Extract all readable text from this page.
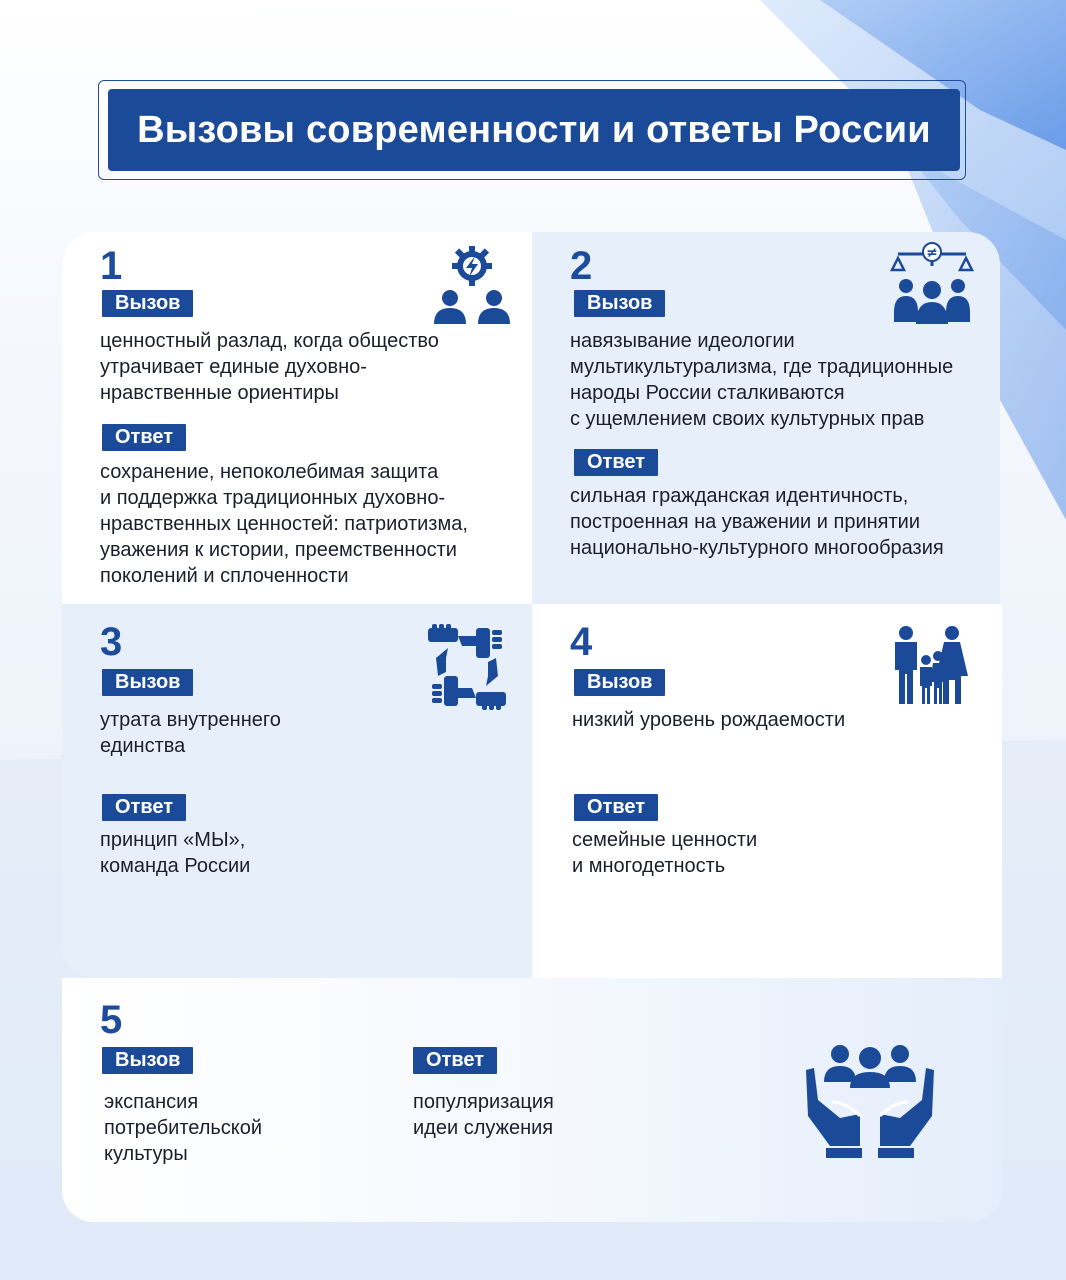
Вызовы современности и ответы России
1
Вызов

ценностный разлад, когда общество
утрачивает единые духовно-
нравственные ориентиры

Ответ

сохранение, непоколебимая защита
и поддержка традиционных духовно-
нравственных ценностей: патриотизма,
уважения к истории, преемственности
поколений и сплоченности

2
Вызов

навязывание идеологии
мультикультурализма, где традиционные
народы России сталкиваются
с ущемлением своих культурных прав

Ответ

сильная гражданская идентичность,
построенная на уважении и принятии
национально-культурного многообразия

≠
3
Вызов

утрата внутреннего
единства

Ответ

принцип «МЫ»,
команда России

4
Вызов

низкий уровень рождаемости

Ответ

семейные ценности
и многодетность

5
Вызов

экспансия
потребительской
культуры

Ответ

популяризация
идеи служения
